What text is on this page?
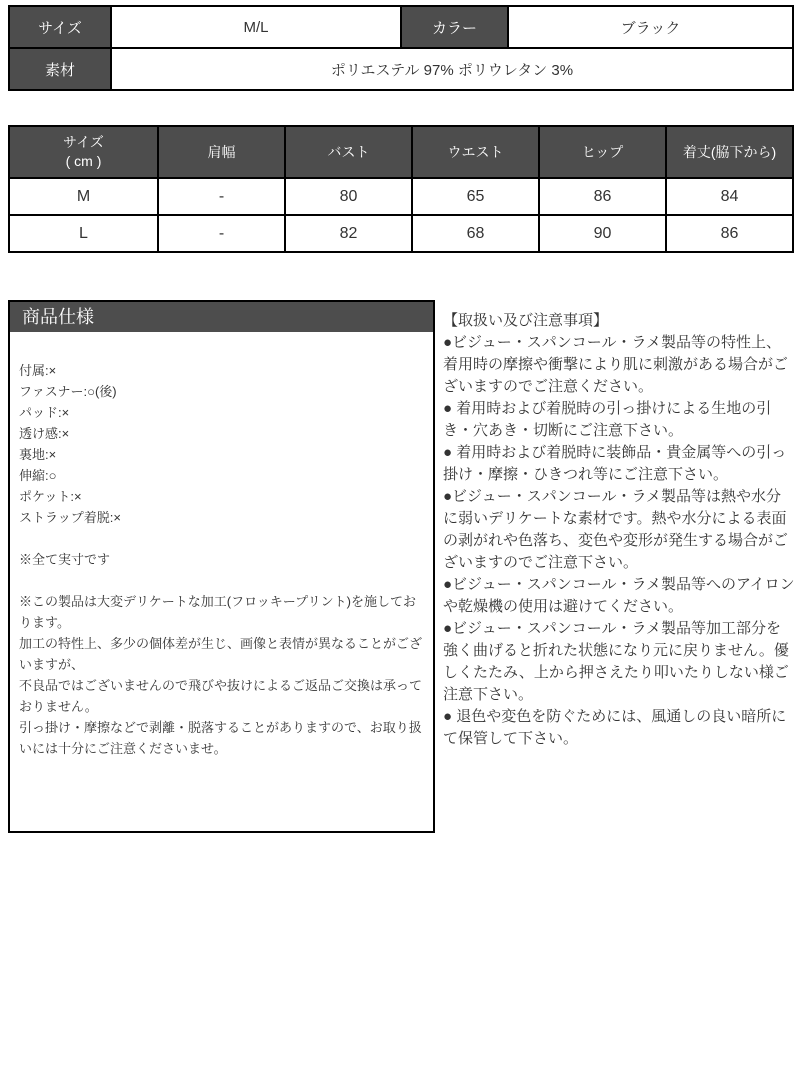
サイズ	M/L	カラー	ブラック
素材	ポリエステル 97% ポリウレタン 3%		
サイズ
( cm )	肩幅	バスト	ウエスト	ヒップ	着丈(脇下から)
M	-	80	65	86	84
L	-	82	68	90	86
商品仕様
付属:×
ファスナー:○(後)
パッド:×
透け感:×
裏地:×
伸縮:○
ポケット:×
ストラップ着脱:×
※全て実寸です
※この製品は大変デリケートな加工(フロッキープリント)を施しております。
加工の特性上、多少の個体差が生じ、画像と表情が異なることがございますが、
不良品ではございませんので飛びや抜けによるご返品ご交換は承っておりません。
引っ掛け・摩擦などで剥離・脱落することがありますので、お取り扱いには十分にご注意くださいませ。

【取扱い及び注意事項】

●ビジュー・スパンコール・ラメ製品等の特性上、着用時の摩擦や衝撃により肌に刺激がある場合がございますのでご注意ください。

● 着用時および着脱時の引っ掛けによる生地の引き・穴あき・切断にご注意下さい。

● 着用時および着脱時に装飾品・貴金属等への引っ掛け・摩擦・ひきつれ等にご注意下さい。

●ビジュー・スパンコール・ラメ製品等は熱や水分に弱いデリケートな素材です。熱や水分による表面の剥がれや色落ち、変色や変形が発生する場合がございますのでご注意下さい。

●ビジュー・スパンコール・ラメ製品等へのアイロンや乾燥機の使用は避けてください。

●ビジュー・スパンコール・ラメ製品等加工部分を強く曲げると折れた状態になり元に戻りません。優しくたたみ、上から押さえたり叩いたりしない様ご注意下さい。

● 退色や変色を防ぐためには、風通しの良い暗所にて保管して下さい。
